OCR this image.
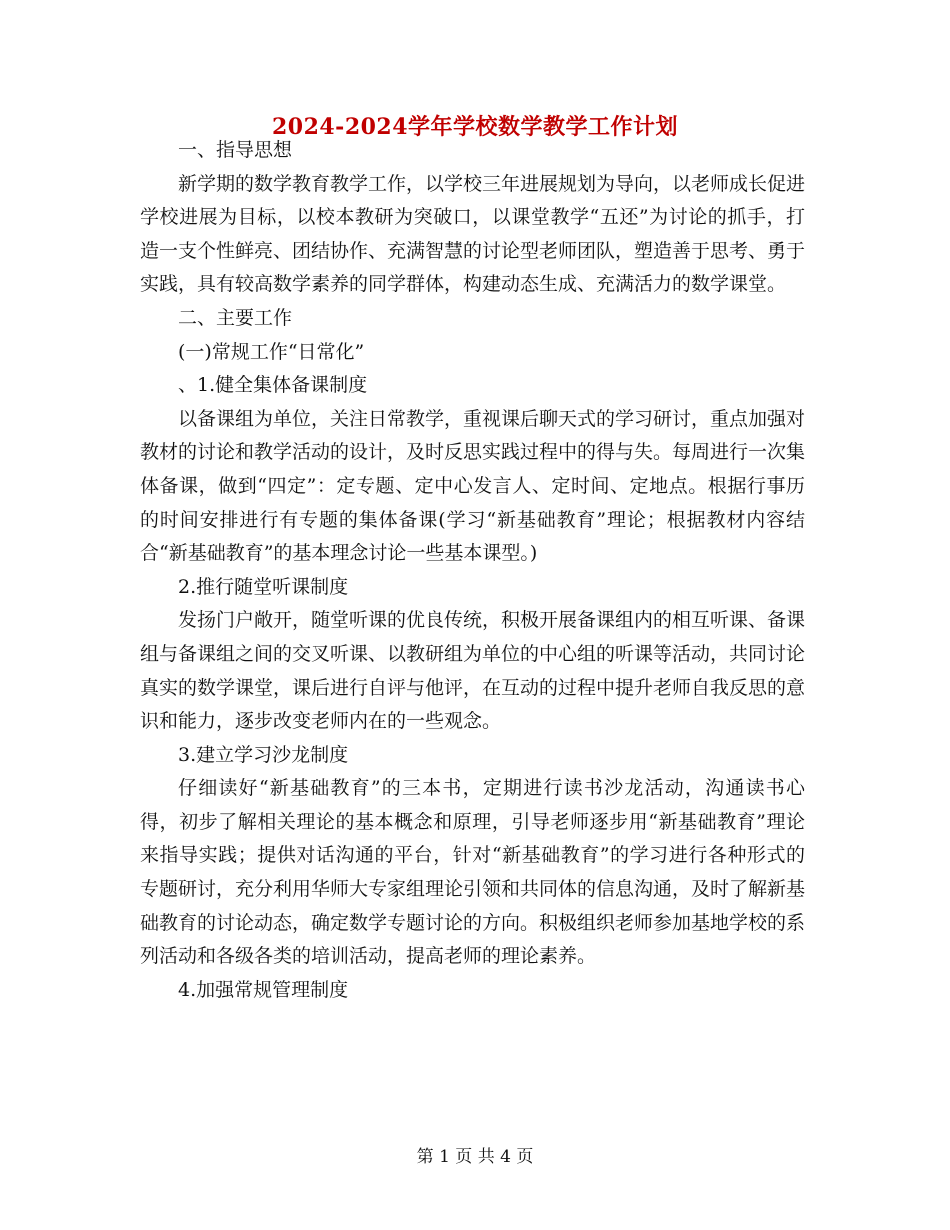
2024-2024学年学校数学教学工作计划

一、指导思想

新学期的数学教育教学工作，以学校三年进展规划为导向，以老师成长促进学校进展为目标，以校本教研为突破口，以课堂教学“五还”为讨论的抓手，打造一支个性鲜亮、团结协作、充满智慧的讨论型老师团队，塑造善于思考、勇于实践，具有较高数学素养的同学群体，构建动态生成、充满活力的数学课堂。

二、主要工作

(一)常规工作“日常化”

、1.健全集体备课制度

以备课组为单位，关注日常教学，重视课后聊天式的学习研讨，重点加强对教材的讨论和教学活动的设计，及时反思实践过程中的得与失。每周进行一次集体备课，做到“四定”：定专题、定中心发言人、定时间、定地点。根据行事历的时间安排进行有专题的集体备课(学习“新基础教育”理论；根据教材内容结合“新基础教育”的基本理念讨论一些基本课型。)

2.推行随堂听课制度

发扬门户敞开，随堂听课的优良传统，积极开展备课组内的相互听课、备课组与备课组之间的交叉听课、以教研组为单位的中心组的听课等活动，共同讨论真实的数学课堂，课后进行自评与他评，在互动的过程中提升老师自我反思的意识和能力，逐步改变老师内在的一些观念。

3.建立学习沙龙制度

仔细读好“新基础教育”的三本书，定期进行读书沙龙活动，沟通读书心得，初步了解相关理论的基本概念和原理，引导老师逐步用“新基础教育”理论来指导实践；提供对话沟通的平台，针对“新基础教育”的学习进行各种形式的专题研讨，充分利用华师大专家组理论引领和共同体的信息沟通，及时了解新基础教育的讨论动态，确定数学专题讨论的方向。积极组织老师参加基地学校的系列活动和各级各类的培训活动，提高老师的理论素养。

4.加强常规管理制度

第 1 页 共 4 页
